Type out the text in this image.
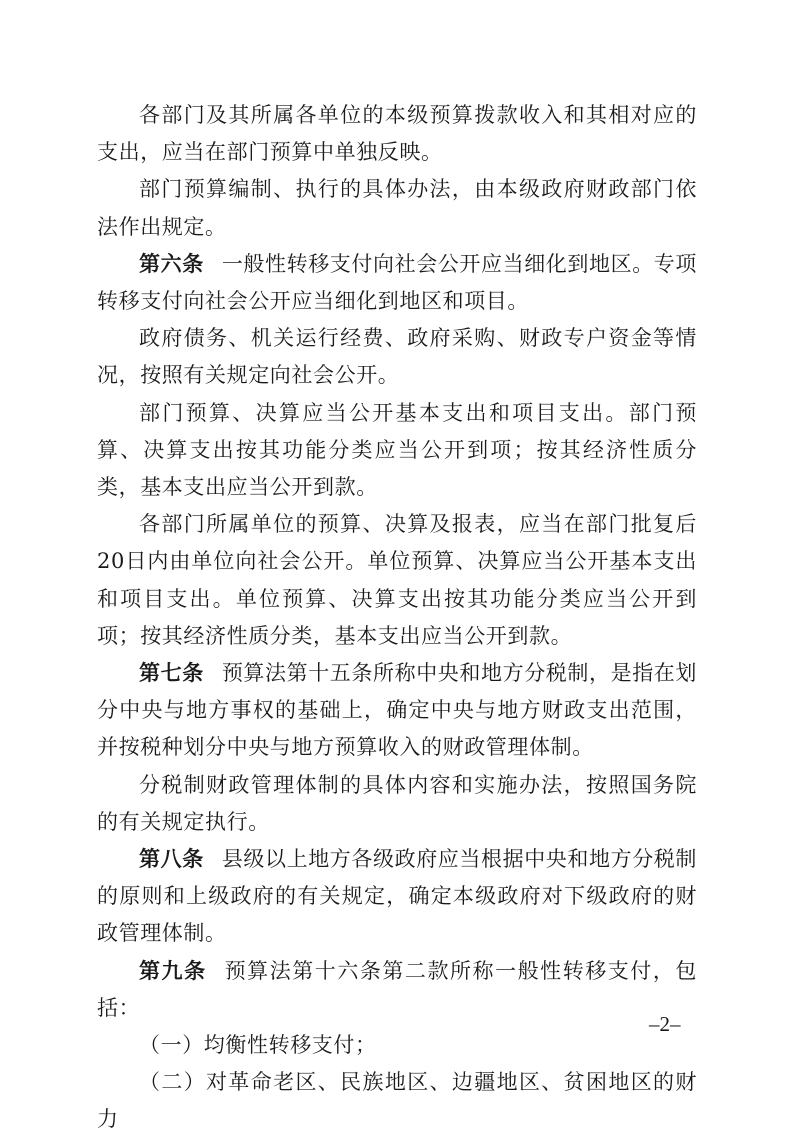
各部门及其所属各单位的本级预算拨款收入和其相对应的支出，应当在部门预算中单独反映。

部门预算编制、执行的具体办法，由本级政府财政部门依法作出规定。

第六条 一般性转移支付向社会公开应当细化到地区。专项转移支付向社会公开应当细化到地区和项目。

政府债务、机关运行经费、政府采购、财政专户资金等情况，按照有关规定向社会公开。

部门预算、决算应当公开基本支出和项目支出。部门预算、决算支出按其功能分类应当公开到项；按其经济性质分类，基本支出应当公开到款。

各部门所属单位的预算、决算及报表，应当在部门批复后20日内由单位向社会公开。单位预算、决算应当公开基本支出和项目支出。单位预算、决算支出按其功能分类应当公开到项；按其经济性质分类，基本支出应当公开到款。

第七条 预算法第十五条所称中央和地方分税制，是指在划分中央与地方事权的基础上，确定中央与地方财政支出范围，并按税种划分中央与地方预算收入的财政管理体制。

分税制财政管理体制的具体内容和实施办法，按照国务院的有关规定执行。

第八条 县级以上地方各级政府应当根据中央和地方分税制的原则和上级政府的有关规定，确定本级政府对下级政府的财政管理体制。

第九条 预算法第十六条第二款所称一般性转移支付，包括：

（一）均衡性转移支付；

（二）对革命老区、民族地区、边疆地区、贫困地区的财力

–2–
